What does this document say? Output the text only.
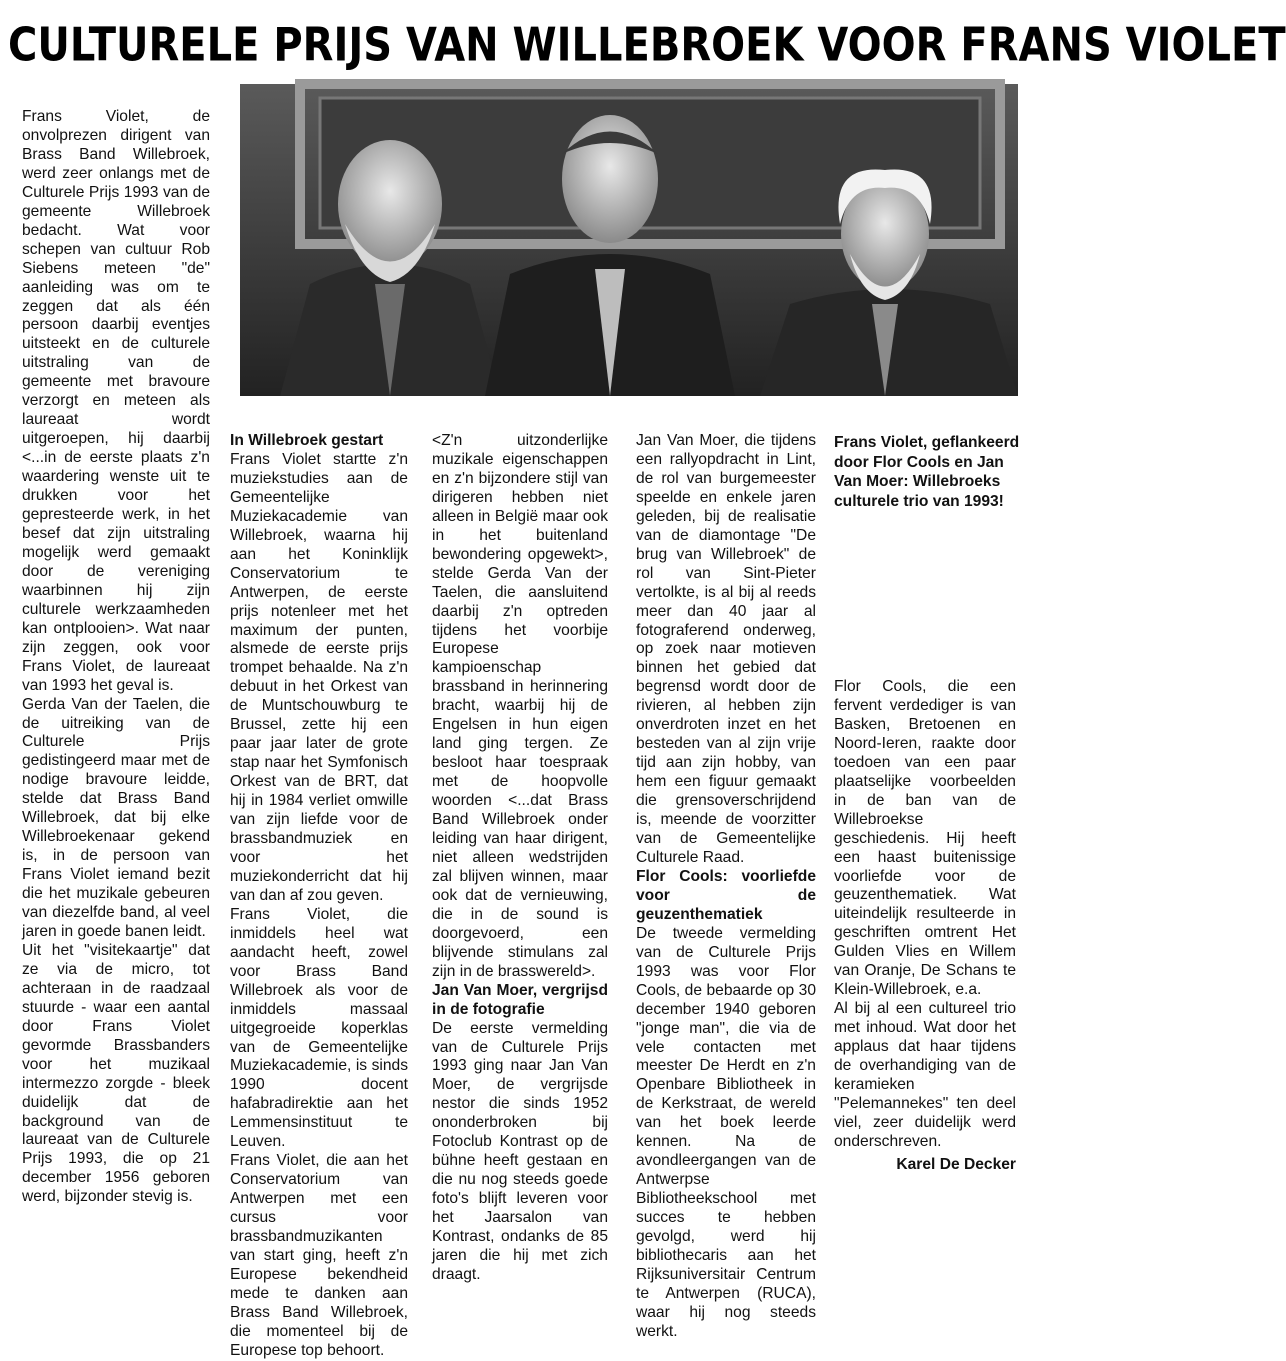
CULTURELE PRIJS VAN WILLEBROEK VOOR FRANS VIOLET

Frans Violet, de onvolprezen dirigent van Brass Band Willebroek, werd zeer onlangs met de Culturele Prijs 1993 van de gemeente Willebroek bedacht. Wat voor schepen van cultuur Rob Siebens meteen "de" aanleiding was om te zeggen dat als één persoon daarbij eventjes uitsteekt en de culturele uitstraling van de gemeente met bravoure verzorgt en meteen als laureaat wordt uitgeroepen, hij daarbij <...in de eerste plaats z'n waardering wenste uit te drukken voor het gepresteerde werk, in het besef dat zijn uitstraling mogelijk werd gemaakt door de vereniging waarbinnen hij zijn culturele werkzaamheden kan ontplooien>. Wat naar zijn zeggen, ook voor Frans Violet, de laureaat van 1993 het geval is.

Gerda Van der Taelen, die de uitreiking van de Culturele Prijs gedistingeerd maar met de nodige bravoure leidde, stelde dat Brass Band Willebroek, dat bij elke Willebroekenaar gekend is, in de persoon van Frans Violet iemand bezit die het muzikale gebeuren van diezelfde band, al veel jaren in goede banen leidt.

Uit het "visitekaartje" dat ze via de micro, tot achteraan in de raadzaal stuurde - waar een aantal door Frans Violet gevormde Brassbanders voor het muzikaal intermezzo zorgde - bleek duidelijk dat de background van de laureaat van de Culturele Prijs 1993, die op 21 december 1956 geboren werd, bijzonder stevig is.

In Willebroek gestart

Frans Violet startte z'n muziekstudies aan de Gemeentelijke Muziekacademie van Willebroek, waarna hij aan het Koninklijk Conservatorium te Antwerpen, de eerste prijs notenleer met het maximum der punten, alsmede de eerste prijs trompet behaalde. Na z'n debuut in het Orkest van de Muntschouwburg te Brussel, zette hij een paar jaar later de grote stap naar het Symfonisch Orkest van de BRT, dat hij in 1984 verliet omwille van zijn liefde voor de brassbandmuziek en voor het muziekonderricht dat hij van dan af zou geven.

Frans Violet, die inmiddels heel wat aandacht heeft, zowel voor Brass Band Willebroek als voor de inmiddels massaal uitgegroeide koperklas van de Gemeentelijke Muziekacademie, is sinds 1990 docent hafabradirektie aan het Lemmensinstituut te Leuven.

Frans Violet, die aan het Conservatorium van Antwerpen met een cursus voor brassbandmuzikanten van start ging, heeft z'n Europese bekendheid mede te danken aan Brass Band Willebroek, die momenteel bij de Europese top behoort.

<Z'n uitzonderlijke muzikale eigenschappen en z'n bijzondere stijl van dirigeren hebben niet alleen in België maar ook in het buitenland bewondering opgewekt>, stelde Gerda Van der Taelen, die aansluitend daarbij z'n optreden tijdens het voorbije Europese kampioenschap brassband in herinnering bracht, waarbij hij de Engelsen in hun eigen land ging tergen. Ze besloot haar toespraak met de hoopvolle woorden <...dat Brass Band Willebroek onder leiding van haar dirigent, niet alleen wedstrijden zal blijven winnen, maar ook dat de vernieuwing, die in de sound is doorgevoerd, een blijvende stimulans zal zijn in de brasswereld>.

Jan Van Moer, vergrijsd in de fotografie

De eerste vermelding van de Culturele Prijs 1993 ging naar Jan Van Moer, de vergrijsde nestor die sinds 1952 ononderbroken bij Fotoclub Kontrast op de bühne heeft gestaan en die nu nog steeds goede foto's blijft leveren voor het Jaarsalon van Kontrast, ondanks de 85 jaren die hij met zich draagt.

Jan Van Moer, die tijdens een rallyopdracht in Lint, de rol van burgemeester speelde en enkele jaren geleden, bij de realisatie van de diamontage "De brug van Willebroek" de rol van Sint-Pieter vertolkte, is al bij al reeds meer dan 40 jaar al fotograferend onderweg, op zoek naar motieven binnen het gebied dat begrensd wordt door de rivieren, al hebben zijn onverdroten inzet en het besteden van al zijn vrije tijd aan zijn hobby, van hem een figuur gemaakt die grensoverschrijdend is, meende de voorzitter van de Gemeentelijke Culturele Raad.

Flor Cools: voorliefde voor de geuzenthematiek

De tweede vermelding van de Culturele Prijs 1993 was voor Flor Cools, de bebaarde op 30 december 1940 geboren "jonge man", die via de vele contacten met meester De Herdt en z'n Openbare Bibliotheek in de Kerkstraat, de wereld van het boek leerde kennen. Na de avondleergangen van de Antwerpse Bibliotheekschool met succes te hebben gevolgd, werd hij bibliothecaris aan het Rijksuniversitair Centrum te Antwerpen (RUCA), waar hij nog steeds werkt.

Frans Violet, geflankeerd door Flor Cools en Jan Van Moer: Willebroeks culturele trio van 1993!

Flor Cools, die een fervent verdediger is van Basken, Bretoenen en Noord-Ieren, raakte door toedoen van een paar plaatselijke voorbeelden in de ban van de Willebroekse geschiedenis. Hij heeft een haast buitenissige voorliefde voor de geuzenthematiek. Wat uiteindelijk resulteerde in geschriften omtrent Het Gulden Vlies en Willem van Oranje, De Schans te Klein-Willebroek, e.a.

Al bij al een cultureel trio met inhoud. Wat door het applaus dat haar tijdens de overhandiging van de keramieken "Pelemannekes" ten deel viel, zeer duidelijk werd onderschreven.

Karel De Decker
